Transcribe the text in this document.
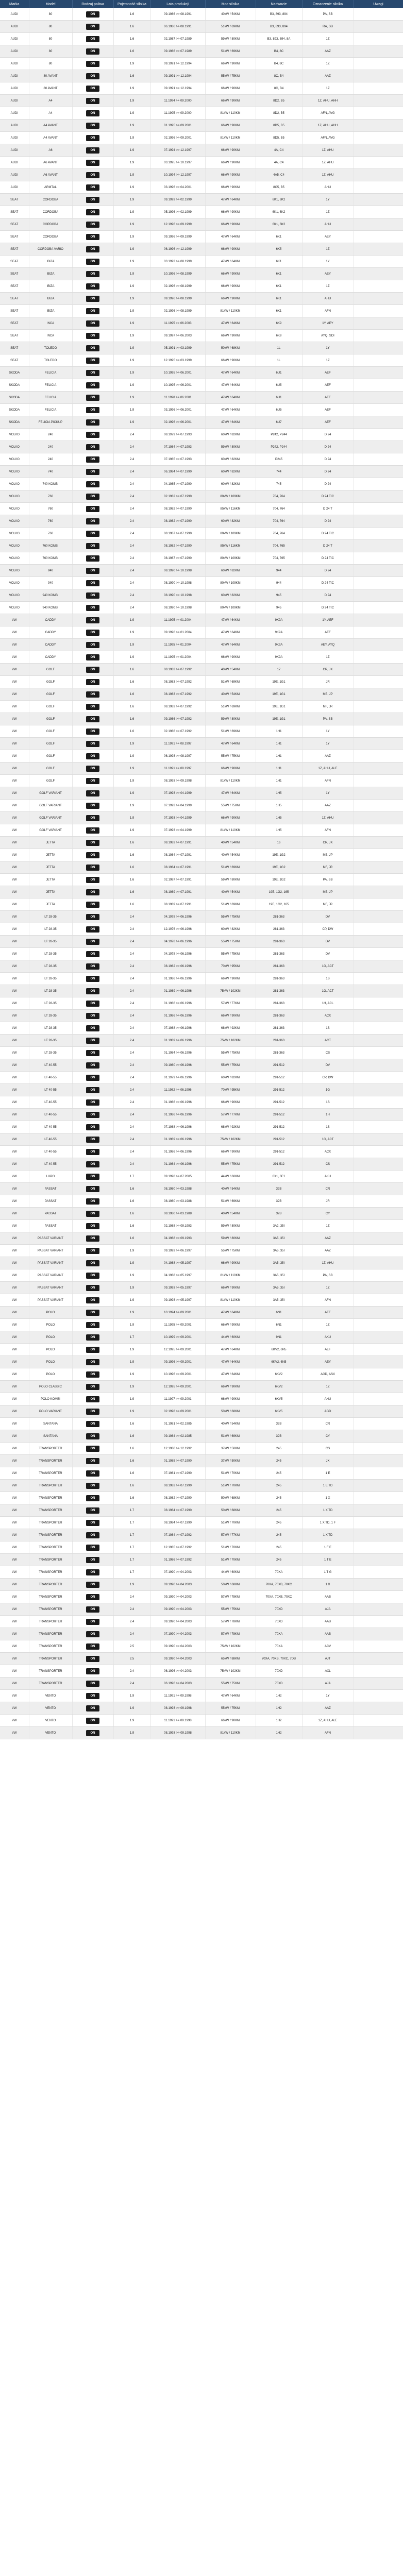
Marka	Model	Rodzaj paliwa	Pojemność silnika	Lata produkcji	Moc silnika	Nadwozie	Oznaczenie silnika	Uwagi
AUDI	80	ON	1.6	09.1986 >> 08.1991	40kW / 54KM	B3, 893, 894	PA, SB	
AUDI	80	ON	1.6	06.1986 >> 08.1991	51kW / 69KM	B3, 893, 894	RA, SB	
AUDI	80	ON	1.6	02.1987 >> 07.1989	59kW / 80KM	B3, 893, 894, 8A	1Z	
AUDI	80	ON	1.6	09.1986 >> 07.1989	51kW / 69KM	B4, 8C	AAZ	
AUDI	80	ON	1.9	09.1991 >> 12.1994	66kW / 90KM	B4, 8C	1Z	
AUDI	80 AVANT	ON	1.6	09.1991 >> 12.1994	55kW / 75KM	8C, B4	AAZ	
AUDI	80 AVANT	ON	1.9	09.1991 >> 12.1994	66kW / 90KM	8C, B4	1Z	
AUDI	A4	ON	1.9	11.1994 >> 09.2000	66kW / 90KM	8D2, B5	1Z, AHU, AHH	
AUDI	A4	ON	1.9	11.1995 >> 09.2000	81kW / 110KM	8D2, B5	AFN, AVG	
AUDI	A4 AVANT	ON	1.9	01.1995 >> 09.2001	66kW / 90KM	8D5, B5	1Z, AHU, AHH	
AUDI	A4 AVANT	ON	1.9	02.1996 >> 09.2001	81kW / 110KM	8D5, B5	AFN, AVG	
AUDI	A6	ON	1.9	07.1994 >> 12.1997	66kW / 90KM	4A, C4	1Z, AHU	
AUDI	A6 AVANT	ON	1.9	03.1995 >> 10.1997	66kW / 90KM	4A, C4	1Z, AHU	
AUDI	A6 AVANT	ON	1.9	10.1994 >> 12.1997	66kW / 90KM	4A5, C4	1Z, AHU	
AUDI	ARMTAL	ON	1.9	03.1996 >> 04.2001	66kW / 90KM	8C5, B5	AHU	
SEAT	CORDOBA	ON	1.9	09.1993 >> 02.1999	47kW / 64KM	6K1, 6K2	1Y	
SEAT	CORDOBA	ON	1.9	05.1996 >> 02.1999	66kW / 90KM	6K1, 6K2	1Z	
SEAT	CORDOBA	ON	1.9	12.1996 >> 09.1999	66kW / 90KM	6K1, 6K2	AHU	
SEAT	CORDOBA	ON	1.9	09.1996 >> 09.1999	47kW / 64KM	6K1	AEY	
SEAT	CORDOBA VARIO	ON	1.9	06.1996 >> 12.1999	66kW / 90KM	6K5	1Z	
SEAT	IBIZA	ON	1.9	03.1993 >> 08.1999	47kW / 64KM	6K1	1Y	
SEAT	IBIZA	ON	1.9	10.1996 >> 08.1999	66kW / 90KM	6K1	AEY	
SEAT	IBIZA	ON	1.9	02.1996 >> 08.1999	66kW / 90KM	6K1	1Z	
SEAT	IBIZA	ON	1.9	09.1996 >> 08.1999	66kW / 90KM	6K1	AHU	
SEAT	IBIZA	ON	1.9	02.1996 >> 08.1999	81kW / 110KM	6K1	AFN	
SEAT	INCA	ON	1.9	11.1995 >> 06.2003	47kW / 64KM	6K9	1Y, AEY	
SEAT	INCA	ON	1.9	09.1997 >> 06.2003	66kW / 90KM	6K9	AYQ, SDI	
SEAT	TOLEDO	ON	1.9	05.1991 >> 03.1999	50kW / 68KM	1L	1Y	
SEAT	TOLEDO	ON	1.9	12.1995 >> 03.1999	66kW / 90KM	1L	1Z	
SKODA	FELICIA	ON	1.9	10.1995 >> 06.2001	47kW / 64KM	6U1	AEF	
SKODA	FELICIA	ON	1.9	10.1995 >> 06.2001	47kW / 64KM	6U5	AEF	
SKODA	FELICIA	ON	1.9	11.1998 >> 06.2001	47kW / 64KM	6U1	AEF	
SKODA	FELICIA	ON	1.9	03.1996 >> 06.2001	47kW / 64KM	6U5	AEF	
SKODA	FELICIA PICKUP	ON	1.9	02.1996 >> 06.2001	47kW / 64KM	6U7	AEF	
VOLVO	240	ON	2.4	08.1979 >> 07.1993	60kW / 82KM	P242, P244	D 24	
VOLVO	240	ON	2.4	07.1984 >> 07.1993	59kW / 80KM	P242, P244	D 24	
VOLVO	240	ON	2.4	07.1985 >> 07.1993	60kW / 82KM	P245	D 24	
VOLVO	740	ON	2.4	06.1984 >> 07.1990	60kW / 82KM	744	D 24	
VOLVO	740 KOMBI	ON	2.4	04.1985 >> 07.1990	60kW / 82KM	745	D 24	
VOLVO	760	ON	2.4	02.1982 >> 07.1990	80kW / 109KM	704, 764	D 24 TIC	
VOLVO	760	ON	2.4	08.1982 >> 07.1990	85kW / 116KM	704, 764	D 24 T	
VOLVO	760	ON	2.4	08.1982 >> 07.1990	60kW / 82KM	704, 764	D 24	
VOLVO	760	ON	2.4	08.1987 >> 07.1990	80kW / 109KM	704, 764	D 24 TIC	
VOLVO	760 KOMBI	ON	2.4	08.1982 >> 07.1990	85kW / 116KM	704, 765	D 24 T	
VOLVO	760 KOMBI	ON	2.4	08.1987 >> 07.1990	80kW / 109KM	704, 765	D 24 TIC	
VOLVO	940	ON	2.4	08.1990 >> 10.1998	60kW / 82KM	944	D 24	
VOLVO	940	ON	2.4	08.1990 >> 10.1998	80kW / 109KM	944	D 24 TIC	
VOLVO	940 KOMBI	ON	2.4	08.1990 >> 10.1998	60kW / 82KM	945	D 24	
VOLVO	940 KOMBI	ON	2.4	08.1990 >> 10.1998	80kW / 109KM	945	D 24 TIC	
VW	CADDY	ON	1.9	11.1995 >> 01.2004	47kW / 64KM	9K9A	1Y, AEF	
VW	CADDY	ON	1.9	09.1996 >> 01.2004	47kW / 64KM	9K9A	AEF	
VW	CADDY	ON	1.9	11.1995 >> 01.2004	47kW / 64KM	9K9A	AEY, AYQ	
VW	CADDY	ON	1.9	11.1995 >> 01.2004	66kW / 90KM	9K9A	1Z	
VW	GOLF	ON	1.6	08.1983 >> 07.1992	40kW / 54KM	17	CR, JK	
VW	GOLF	ON	1.6	08.1983 >> 07.1992	51kW / 69KM	19E, 1G1	JR	
VW	GOLF	ON	1.6	08.1983 >> 07.1992	40kW / 54KM	19E, 1G1	ME, JP	
VW	GOLF	ON	1.6	08.1983 >> 07.1992	51kW / 69KM	19E, 1G1	MF, JR	
VW	GOLF	ON	1.6	09.1986 >> 07.1992	59kW / 80KM	19E, 1G1	PA, SB	
VW	GOLF	ON	1.6	02.1986 >> 07.1992	51kW / 69KM	1H1	1Y	
VW	GOLF	ON	1.9	11.1991 >> 08.1997	47kW / 64KM	1H1	1Y	
VW	GOLF	ON	1.9	06.1993 >> 08.1997	55kW / 75KM	1H1	AAZ	
VW	GOLF	ON	1.9	11.1991 >> 08.1997	66kW / 90KM	1H1	1Z, AHU, ALE	
VW	GOLF	ON	1.9	08.1993 >> 09.1998	81kW / 110KM	1H1	AFN	
VW	GOLF VARIANT	ON	1.9	07.1993 >> 04.1999	47kW / 64KM	1H5	1Y	
VW	GOLF VARIANT	ON	1.9	07.1993 >> 04.1999	55kW / 75KM	1H5	AAZ	
VW	GOLF VARIANT	ON	1.9	07.1993 >> 04.1999	66kW / 90KM	1H5	1Z, AHU	
VW	GOLF VARIANT	ON	1.9	07.1993 >> 04.1999	81kW / 110KM	1H5	AFN	
VW	JETTA	ON	1.6	08.1983 >> 07.1991	40kW / 54KM	16	CR, JK	
VW	JETTA	ON	1.6	08.1984 >> 07.1991	40kW / 54KM	19E, 1G2	ME, JP	
VW	JETTA	ON	1.6	08.1984 >> 07.1991	51kW / 69KM	19E, 1G2	MF, JR	
VW	JETTA	ON	1.6	02.1987 >> 07.1991	59kW / 80KM	19E, 1G2	PA, SB	
VW	JETTA	ON	1.6	08.1989 >> 07.1991	40kW / 54KM	19E, 1G2, 165	ME, JP	
VW	JETTA	ON	1.6	08.1989 >> 07.1991	51kW / 69KM	19E, 1G2, 165	MF, JR	
VW	LT 28-35	ON	2.4	04.1978 >> 06.1996	55kW / 75KM	281-363	DV	
VW	LT 28-35	ON	2.4	12.1976 >> 06.1996	60kW / 82KM	281-363	CP, DW	
VW	LT 28-35	ON	2.4	04.1978 >> 06.1996	55kW / 75KM	281-363	DV	
VW	LT 28-35	ON	2.4	04.1978 >> 06.1996	55kW / 75KM	281-363	DV	
VW	LT 28-35	ON	2.4	08.1982 >> 06.1996	70kW / 95KM	281-363	1G, ACT	
VW	LT 28-35	ON	2.4	01.1986 >> 06.1996	66kW / 90KM	281-363	1S	
VW	LT 28-35	ON	2.4	01.1989 >> 06.1996	75kW / 102KM	281-363	1G, ACT	
VW	LT 28-35	ON	2.4	01.1986 >> 06.1996	57kW / 77KM	281-363	1H, ACL	
VW	LT 28-35	ON	2.4	01.1986 >> 06.1996	66kW / 90KM	281-363	ACX	
VW	LT 28-35	ON	2.4	07.1988 >> 06.1996	68kW / 92KM	281-363	1S	
VW	LT 28-35	ON	2.4	01.1989 >> 06.1996	75kW / 102KM	281-363	ACT	
VW	LT 28-35	ON	2.4	01.1984 >> 06.1996	55kW / 75KM	281-363	CS	
VW	LT 40-55	ON	2.4	09.1980 >> 06.1996	55kW / 75KM	291-512	DV	
VW	LT 40-55	ON	2.4	01.1979 >> 06.1996	60kW / 82KM	291-512	CP, DW	
VW	LT 40-55	ON	2.4	11.1982 >> 06.1996	70kW / 95KM	291-512	1G	
VW	LT 40-55	ON	2.4	01.1986 >> 06.1996	66kW / 90KM	291-512	1S	
VW	LT 40-55	ON	2.4	01.1986 >> 06.1996	57kW / 77KM	291-512	1H	
VW	LT 40-55	ON	2.4	07.1988 >> 06.1996	68kW / 92KM	291-512	1S	
VW	LT 40-55	ON	2.4	01.1989 >> 06.1996	75kW / 102KM	291-512	1G, ACT	
VW	LT 40-55	ON	2.4	01.1986 >> 06.1996	66kW / 90KM	291-512	ACX	
VW	LT 40-55	ON	2.4	01.1984 >> 06.1996	55kW / 75KM	291-512	CS	
VW	LUPO	ON	1.7	09.1998 >> 07.2005	44kW / 60KM	6X1, 6E1	AKU	
VW	PASSAT	ON	1.6	08.1980 >> 03.1988	40kW / 54KM	32B	CR	
VW	PASSAT	ON	1.6	08.1980 >> 03.1988	51kW / 69KM	32B	JR	
VW	PASSAT	ON	1.6	08.1980 >> 03.1988	40kW / 54KM	32B	CY	
VW	PASSAT	ON	1.6	02.1988 >> 09.1993	59kW / 80KM	3A2, 35I	1Z	
VW	PASSAT VARIANT	ON	1.6	04.1988 >> 09.1993	59kW / 80KM	3A5, 35I	AAZ	
VW	PASSAT VARIANT	ON	1.9	09.1993 >> 06.1997	55kW / 75KM	3A5, 35I	AAZ	
VW	PASSAT VARIANT	ON	1.9	04.1988 >> 05.1997	66kW / 90KM	3A5, 35I	1Z, AHU	
VW	PASSAT VARIANT	ON	1.9	04.1988 >> 05.1997	81kW / 110KM	3A5, 35I	PA, SB	
VW	PASSAT VARIANT	ON	1.9	09.1993 >> 05.1997	66kW / 90KM	3A5, 35I	1Z	
VW	PASSAT VARIANT	ON	1.9	09.1993 >> 05.1997	81kW / 110KM	3A5, 35I	AFN	
VW	POLO	ON	1.9	10.1994 >> 09.2001	47kW / 64KM	6N1	AEF	
VW	POLO	ON	1.9	11.1995 >> 09.2001	66kW / 90KM	6N1	1Z	
VW	POLO	ON	1.7	10.1999 >> 09.2001	44kW / 60KM	9N1	AKU	
VW	POLO	ON	1.9	12.1995 >> 09.2001	47kW / 64KM	6KV2, 6N5	AEF	
VW	POLO	ON	1.9	09.1996 >> 09.2001	47kW / 64KM	6KV2, 6N5	AEY	
VW	POLO	ON	1.9	10.1996 >> 09.2001	47kW / 64KM	6KV2	AGD, ASX	
VW	POLO CLASSIC	ON	1.9	12.1995 >> 09.2001	66kW / 90KM	6KV2	1Z	
VW	POLO KOMBI	ON	1.9	11.1997 >> 09.2001	66kW / 90KM	6KV5	AHU	
VW	POLO VARIANT	ON	1.9	02.1998 >> 09.2001	50kW / 68KM	6KV5	AGD	
VW	SANTANA	ON	1.6	01.1981 >> 02.1985	40kW / 54KM	32B	CR	
VW	SANTANA	ON	1.6	09.1984 >> 02.1985	51kW / 69KM	32B	CY	
VW	TRANSPORTER	ON	1.6	12.1980 >> 12.1992	37kW / 50KM	245	CS	
VW	TRANSPORTER	ON	1.6	01.1985 >> 07.1990	37kW / 50KM	245	JX	
VW	TRANSPORTER	ON	1.6	07.1981 >> 07.1990	51kW / 70KM	245	1 E	
VW	TRANSPORTER	ON	1.6	08.1982 >> 07.1990	51kW / 70KM	245	1 E TD	
VW	TRANSPORTER	ON	1.6	08.1982 >> 07.1990	50kW / 68KM	245	1 X	
VW	TRANSPORTER	ON	1.7	08.1984 >> 07.1990	50kW / 68KM	245	1 X TD	
VW	TRANSPORTER	ON	1.7	08.1984 >> 07.1990	51kW / 70KM	245	1 X TD, 1 F	
VW	TRANSPORTER	ON	1.7	07.1984 >> 07.1992	57kW / 77KM	245	1 X TD	
VW	TRANSPORTER	ON	1.7	12.1985 >> 07.1992	51kW / 70KM	245	1 F E	
VW	TRANSPORTER	ON	1.7	01.1986 >> 07.1992	51kW / 70KM	245	1 T E	
VW	TRANSPORTER	ON	1.7	07.1990 >> 04.2003	44kW / 60KM	70XA	1 T G	
VW	TRANSPORTER	ON	1.9	09.1990 >> 04.2003	50kW / 68KM	70XA, 70XB, 70XC	1 X	
VW	TRANSPORTER	ON	2.4	09.1990 >> 04.2003	57kW / 78KM	70XA, 70XB, 70XC	AAB	
VW	TRANSPORTER	ON	2.4	09.1990 >> 04.2003	55kW / 75KM	70XD	AJA	
VW	TRANSPORTER	ON	2.4	09.1990 >> 04.2003	57kW / 78KM	70XD	AAB	
VW	TRANSPORTER	ON	2.4	07.1990 >> 04.2003	57kW / 78KM	70XA	AAB	
VW	TRANSPORTER	ON	2.5	09.1990 >> 04.2003	75kW / 102KM	70XA	ACV	
VW	TRANSPORTER	ON	2.5	09.1990 >> 04.2003	65kW / 88KM	70XA, 70XB, 70XC, 7DB	AJT	
VW	TRANSPORTER	ON	2.4	06.1996 >> 04.2003	75kW / 102KM	70XD	AXL	
VW	TRANSPORTER	ON	2.4	06.1996 >> 04.2003	55kW / 75KM	70XD	AJA	
VW	VENTO	ON	1.9	11.1991 >> 09.1998	47kW / 64KM	1H2	1Y	
VW	VENTO	ON	1.9	08.1993 >> 09.1998	55kW / 75KM	1H2	AAZ	
VW	VENTO	ON	1.9	11.1991 >> 09.1998	66kW / 90KM	1H2	1Z, AHU, ALE	
VW	VENTO	ON	1.9	08.1993 >> 09.1998	81kW / 110KM	1H2	AFN	
